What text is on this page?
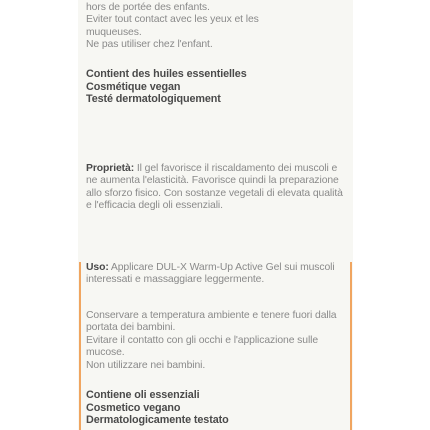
hors de portée des enfants.

Eviter tout contact avec les yeux et les

muqueuses.

Ne pas utiliser chez l'enfant.

Contient des huiles essentielles

Cosmétique vegan

Testé dermatologiquement

Proprietà: Il gel favorisce il riscaldamento dei muscoli e ne aumenta l'elasticità. Favorisce quindi la preparazione allo sforzo fisico. Con sostanze vegetali di elevata qualità e l'efficacia degli oli essenziali.

Uso: Applicare DUL-X Warm-Up Active Gel sui muscoli interessati e massaggiare leggermente.

Conservare a temperatura ambiente e tenere fuori dalla portata dei bambini.

Evitare il contatto con gli occhi e l'applicazione sulle mucose.

Non utilizzare nei bambini.

Contiene oli essenziali

Cosmetico vegano

Dermatologicamente testato
